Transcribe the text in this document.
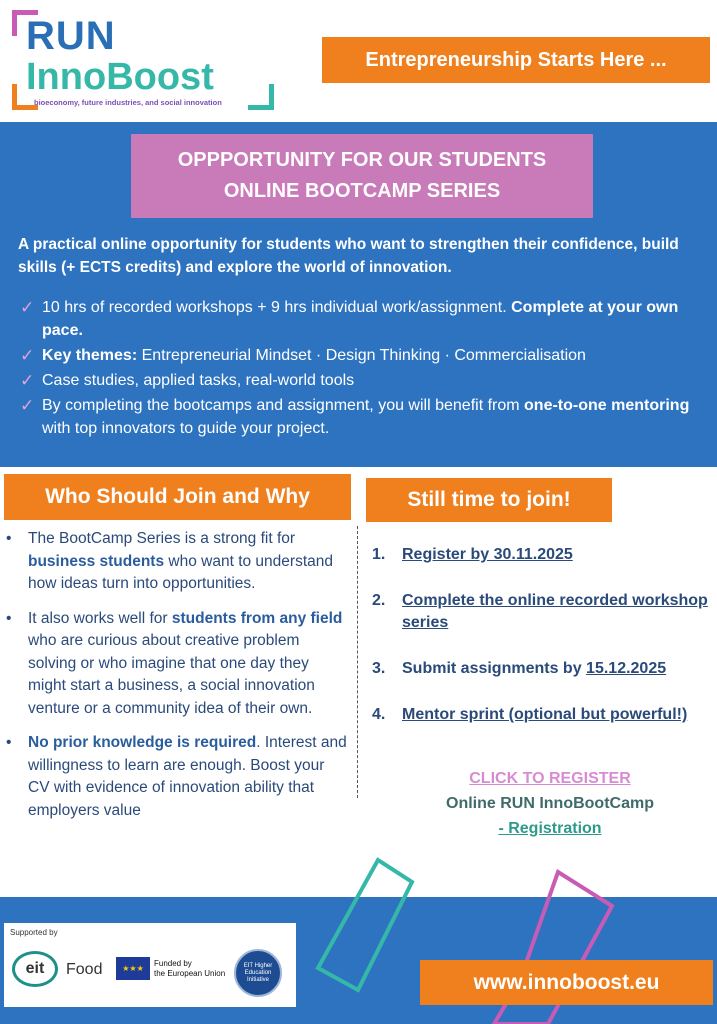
RUN
InnoBoost
bioeconomy, future industries, and social innovation
Entrepreneurship Starts Here ...
OPPPORTUNITY FOR OUR STUDENTS
ONLINE BOOTCAMP SERIES
A practical online opportunity for students who want to strengthen their confidence, build skills (+ ECTS credits) and explore the world of innovation.
✓ 10 hrs of recorded workshops + 9 hrs individual work/assignment. Complete at your own pace.
✓ Key themes: Entrepreneurial Mindset · Design Thinking · Commercialisation
✓ Case studies, applied tasks, real-world tools
✓ By completing the bootcamps and assignment, you will benefit from one-to-one mentoring with top innovators to guide your project.
Who Should Join and Why
• The BootCamp Series is a strong fit for business students who want to understand how ideas turn into opportunities.
• It also works well for students from any field who are curious about creative problem solving or who imagine that one day they might start a business, a social innovation venture or a community idea of their own.
• No prior knowledge is required. Interest and willingness to learn are enough. Boost your CV with evidence of innovation ability that employers value
Still time to join!
1. Register by 30.11.2025
2. Complete the online recorded workshop series
3. Submit assignments by 15.12.2025
4. Mentor sprint (optional but powerful!)
CLICK TO REGISTER
Online RUN InnoBootCamp
- Registration
Supported by
eit	Food	★★★
Funded by
the European Union
EIT Higher Education Initiative	www.innoboost.eu
